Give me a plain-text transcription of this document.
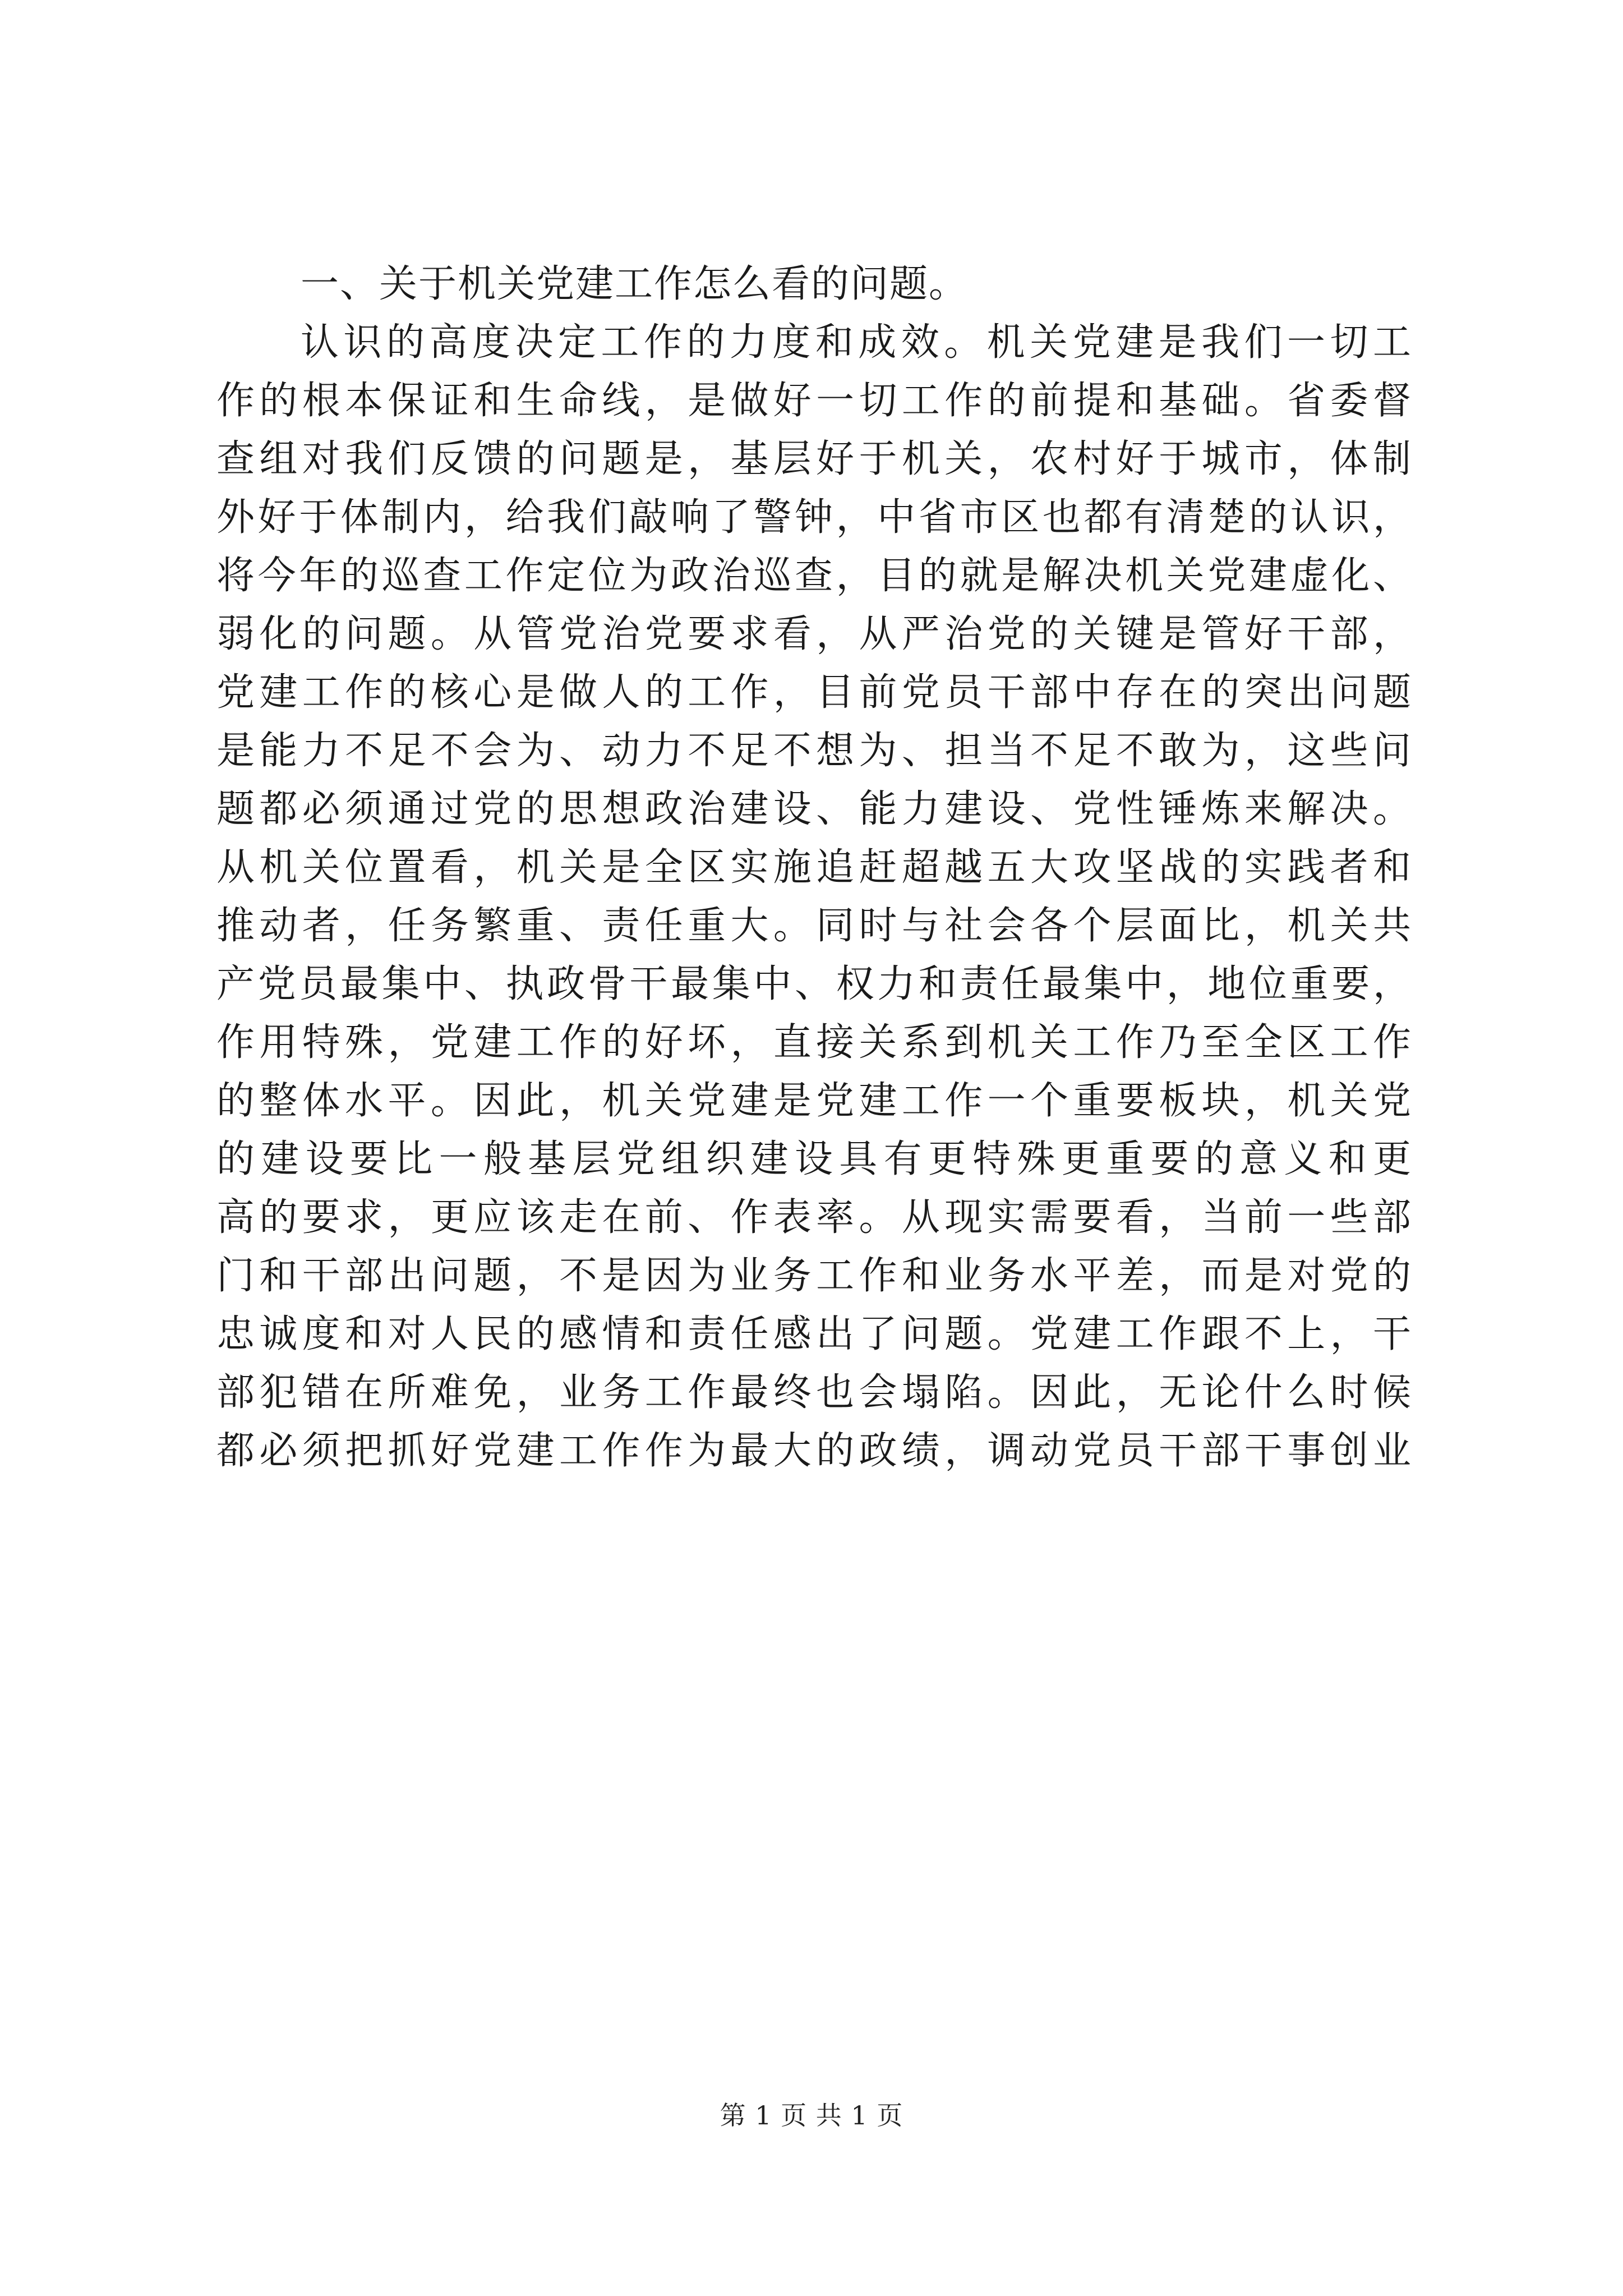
一、关于机关党建工作怎么看的问题。
认识的高度决定工作的力度和成效。机关党建是我们一切工
作的根本保证和生命线，是做好一切工作的前提和基础。省委督
查组对我们反馈的问题是，基层好于机关，农村好于城市，体制
外好于体制内，给我们敲响了警钟，中省市区也都有清楚的认识，
将今年的巡查工作定位为政治巡查，目的就是解决机关党建虚化、
弱化的问题。从管党治党要求看，从严治党的关键是管好干部，
党建工作的核心是做人的工作，目前党员干部中存在的突出问题
是能力不足不会为、动力不足不想为、担当不足不敢为，这些问
题都必须通过党的思想政治建设、能力建设、党性锤炼来解决。
从机关位置看，机关是全区实施追赶超越五大攻坚战的实践者和
推动者，任务繁重、责任重大。同时与社会各个层面比，机关共
产党员最集中、执政骨干最集中、权力和责任最集中，地位重要，
作用特殊，党建工作的好坏，直接关系到机关工作乃至全区工作
的整体水平。因此，机关党建是党建工作一个重要板块，机关党
的建设要比一般基层党组织建设具有更特殊更重要的意义和更
高的要求，更应该走在前、作表率。从现实需要看，当前一些部
门和干部出问题，不是因为业务工作和业务水平差，而是对党的
忠诚度和对人民的感情和责任感出了问题。党建工作跟不上，干
部犯错在所难免，业务工作最终也会塌陷。因此，无论什么时候
都必须把抓好党建工作作为最大的政绩，调动党员干部干事创业
第 1 页 共 1 页
